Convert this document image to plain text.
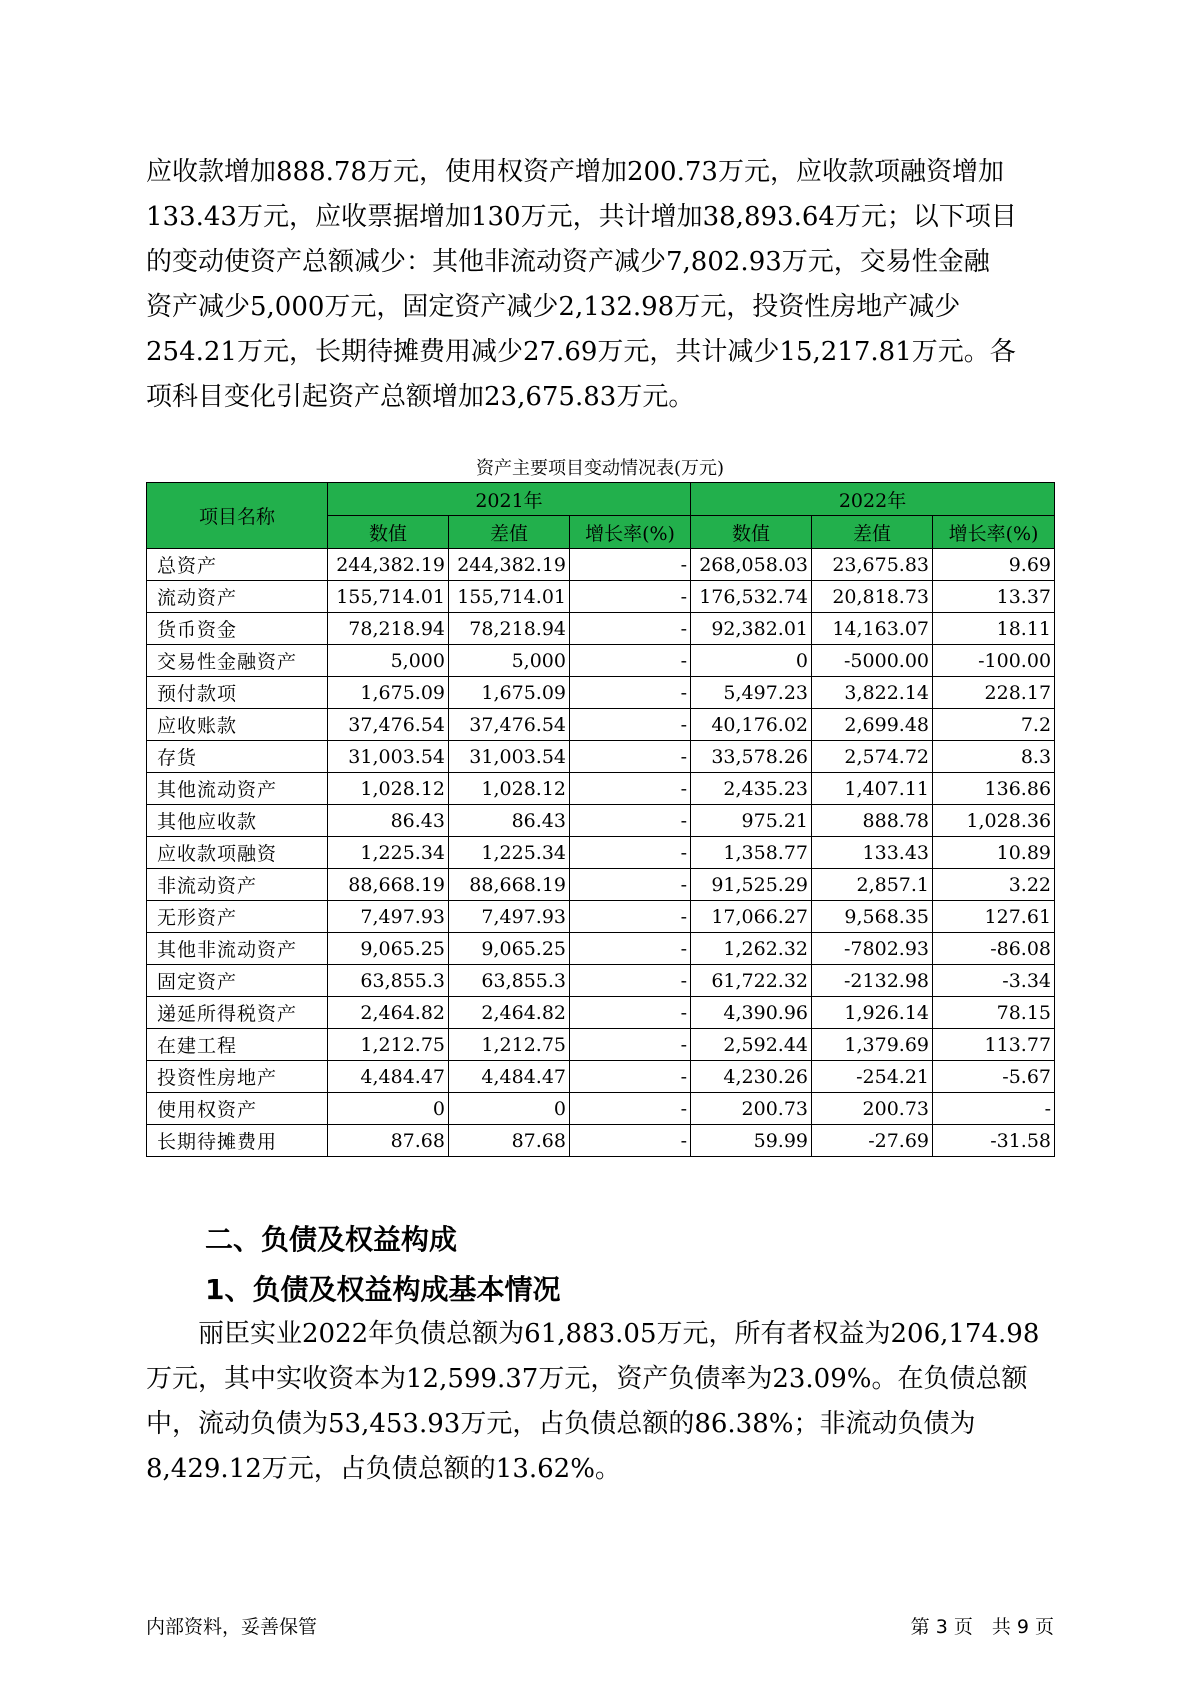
应收款增加888.78万元，使用权资产增加200.73万元，应收款项融资增加
133.43万元，应收票据增加130万元，共计增加38,893.64万元；以下项目
的变动使资产总额减少：其他非流动资产减少7,802.93万元，交易性金融
资产减少5,000万元，固定资产减少2,132.98万元，投资性房地产减少
254.21万元，长期待摊费用减少27.69万元，共计减少15,217.81万元。各
项科目变化引起资产总额增加23,675.83万元。
资产主要项目变动情况表(万元)
项目名称	2021年			2022年		
	数值	差值	增长率(%)	数值	差值	增长率(%)
总资产	244,382.19	244,382.19	-	268,058.03	23,675.83	9.69
流动资产	155,714.01	155,714.01	-	176,532.74	20,818.73	13.37
货币资金	78,218.94	78,218.94	-	92,382.01	14,163.07	18.11
交易性金融资产	5,000	5,000	-	0	-5000.00	-100.00
预付款项	1,675.09	1,675.09	-	5,497.23	3,822.14	228.17
应收账款	37,476.54	37,476.54	-	40,176.02	2,699.48	7.2
存货	31,003.54	31,003.54	-	33,578.26	2,574.72	8.3
其他流动资产	1,028.12	1,028.12	-	2,435.23	1,407.11	136.86
其他应收款	86.43	86.43	-	975.21	888.78	1,028.36
应收款项融资	1,225.34	1,225.34	-	1,358.77	133.43	10.89
非流动资产	88,668.19	88,668.19	-	91,525.29	2,857.1	3.22
无形资产	7,497.93	7,497.93	-	17,066.27	9,568.35	127.61
其他非流动资产	9,065.25	9,065.25	-	1,262.32	-7802.93	-86.08
固定资产	63,855.3	63,855.3	-	61,722.32	-2132.98	-3.34
递延所得税资产	2,464.82	2,464.82	-	4,390.96	1,926.14	78.15
在建工程	1,212.75	1,212.75	-	2,592.44	1,379.69	113.77
投资性房地产	4,484.47	4,484.47	-	4,230.26	-254.21	-5.67
使用权资产	0	0	-	200.73	200.73	-
长期待摊费用	87.68	87.68	-	59.99	-27.69	-31.58
二、负债及权益构成
1、负债及权益构成基本情况
　　丽臣实业2022年负债总额为61,883.05万元，所有者权益为206,174.98
万元，其中实收资本为12,599.37万元，资产负债率为23.09%。在负债总额
中，流动负债为53,453.93万元，占负债总额的86.38%；非流动负债为
8,429.12万元，占负债总额的13.62%。
内部资料，妥善保管	第 3 页　共 9 页
